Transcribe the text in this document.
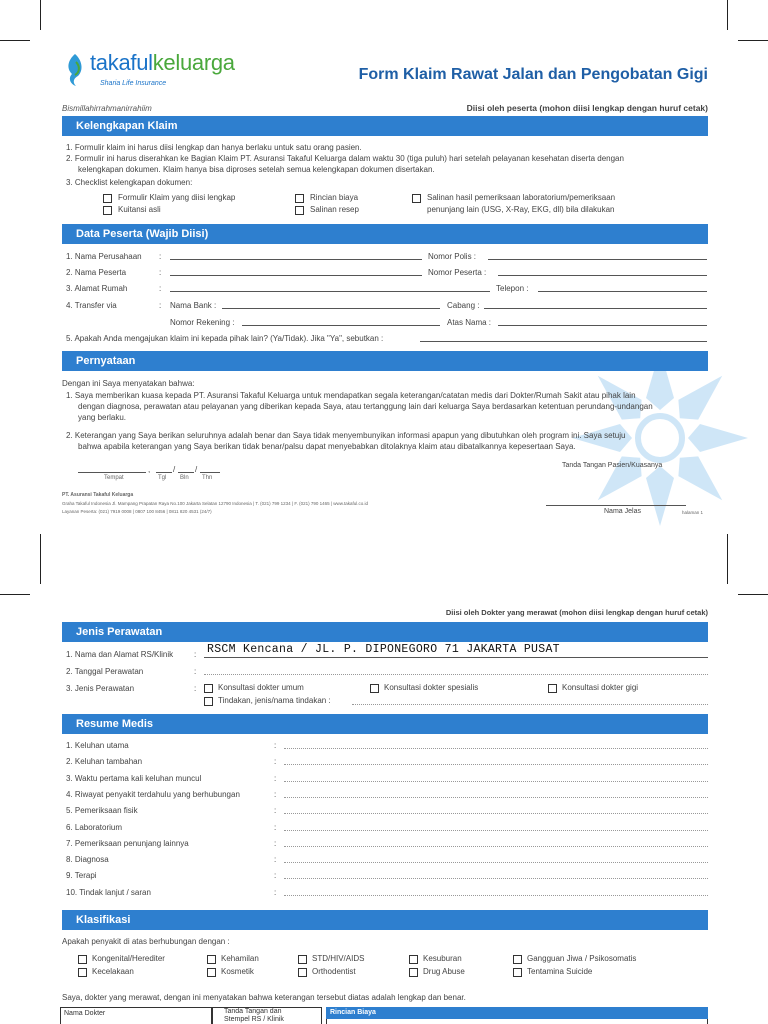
takafulkeluarga
Sharia Life Insurance
Form Klaim Rawat Jalan dan Pengobatan Gigi
Bismillahirrahmanirrahiim	Diisi oleh peserta (mohon diisi lengkap dengan huruf cetak)
Kelengkapan Klaim
1. Formulir klaim ini harus diisi lengkap dan hanya berlaku untuk satu orang pasien.
2. Formulir ini harus diserahkan ke Bagian Klaim PT. Asuransi Takaful Keluarga dalam waktu 30 (tiga puluh) hari setelah pelayanan kesehatan diserta dengan
kelengkapan dokumen. Klaim hanya bisa diproses setelah semua kelengkapan dokumen disertakan.
3. Checklist kelengkapan dokumen:
Formulir Klaim yang diisi lengkap
Kuitansi asli
Rincian biaya
Salinan resep
Salinan hasil pemeriksaan laboratorium/pemeriksaan
penunjang lain (USG, X-Ray, EKG, dll) bila dilakukan
Data Peserta (Wajib Diisi)
1. Nama Perusahaan :	Nomor Polis :
2. Nama Peserta	:	Nomor Peserta :
3. Alamat Rumah	:	Telepon :
4. Transfer via	: Nama Bank :	Cabang :
Nomor Rekening :	Atas Nama :
5. Apakah Anda mengajukan klaim ini kepada pihak lain? (Ya/Tidak). Jika "Ya", sebutkan :
Pernyataan
Dengan ini Saya menyatakan bahwa:
1. Saya memberikan kuasa kepada PT. Asuransi Takaful Keluarga untuk mendapatkan segala keterangan/catatan medis dari Dokter/Rumah Sakit atau pihak lain
dengan diagnosa, perawatan atau pelayanan yang diberikan kepada Saya, atau tertanggung lain dari keluarga Saya berdasarkan ketentuan perundang-undangan
yang berlaku.
2. Keterangan yang Saya berikan seluruhnya adalah benar dan Saya tidak menyembunyikan informasi apapun yang dibutuhkan oleh program ini. Saya setuju
bahwa apabila keterangan yang Saya berikan tidak benar/palsu dapat menyebabkan ditolaknya klaim atau dibatalkannya kepesertaan Saya.
,	/ /
Tempat	Tgl Bln Thn
Tanda Tangan Pasien/Kuasanya
Nama Jelas	halaman 1
PT. Asuransi Takaful Keluarga
Graha Takaful Indonesia Jl. Mampang Prapatan Raya No.100 Jakarta Selatan 12790 Indonesia | T. (021) 799 1234 | F. (021) 790 1465 | www.takaful.co.id
Layanan Peserta: (021) 7919 0008 | 0807 100 8456 | 0811 820 4531 (24/7)
Diisi oleh Dokter yang merawat (mohon diisi lengkap dengan huruf cetak)
Jenis Perawatan
1. Nama dan Alamat RS/Klinik	: RSCM Kencana / JL. P. DIPONEGORO 71 JAKARTA PUSAT
2. Tanggal Perawatan	:
3. Jenis Perawatan	:	Konsultasi dokter umum	Konsultasi dokter spesialis	Konsultasi dokter gigi
Tindakan, jenis/nama tindakan :
Resume Medis
1. Keluhan utama	:
2. Keluhan tambahan	:
3. Waktu pertama kali keluhan muncul	:
4. Riwayat penyakit terdahulu yang berhubungan	:
5. Pemeriksaan fisik	:
6. Laboratorium	:
7. Pemeriksaan penunjang lainnya	:
8. Diagnosa	:
9. Terapi	:
10. Tindak lanjut / saran	:
Klasifikasi
Apakah penyakit di atas berhubungan dengan :
Kongenital/Herediter	Kehamilan	STD/HIV/AIDS	Kesuburan	Gangguan Jiwa / Psikosomatis
Kecelakaan	Kosmetik	Orthodentist	Drug Abuse	Tentamina Suicide
Saya, dokter yang merawat, dengan ini menyatakan bahwa keterangan tersebut diatas adalah lengkap dan benar.
Nama Dokter	Tanda Tangan dan
Stempel RS / Klinik
Rincian Biaya
